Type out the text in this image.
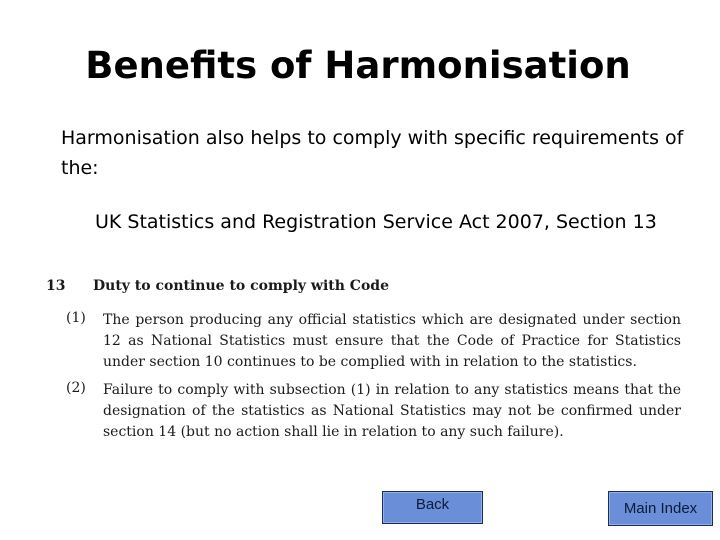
Benefits of Harmonisation
Harmonisation also helps to comply with specific requirements of the:
UK Statistics and Registration Service Act 2007, Section 13
13 Duty to continue to comply with Code
(1) The person producing any official statistics which are designated under section 12 as National Statistics must ensure that the Code of Practice for Statistics under section 10 continues to be complied with in relation to the statistics.
(2) Failure to comply with subsection (1) in relation to any statistics means that the designation of the statistics as National Statistics may not be confirmed under section 14 (but no action shall lie in relation to any such failure).
Back	Main Index
